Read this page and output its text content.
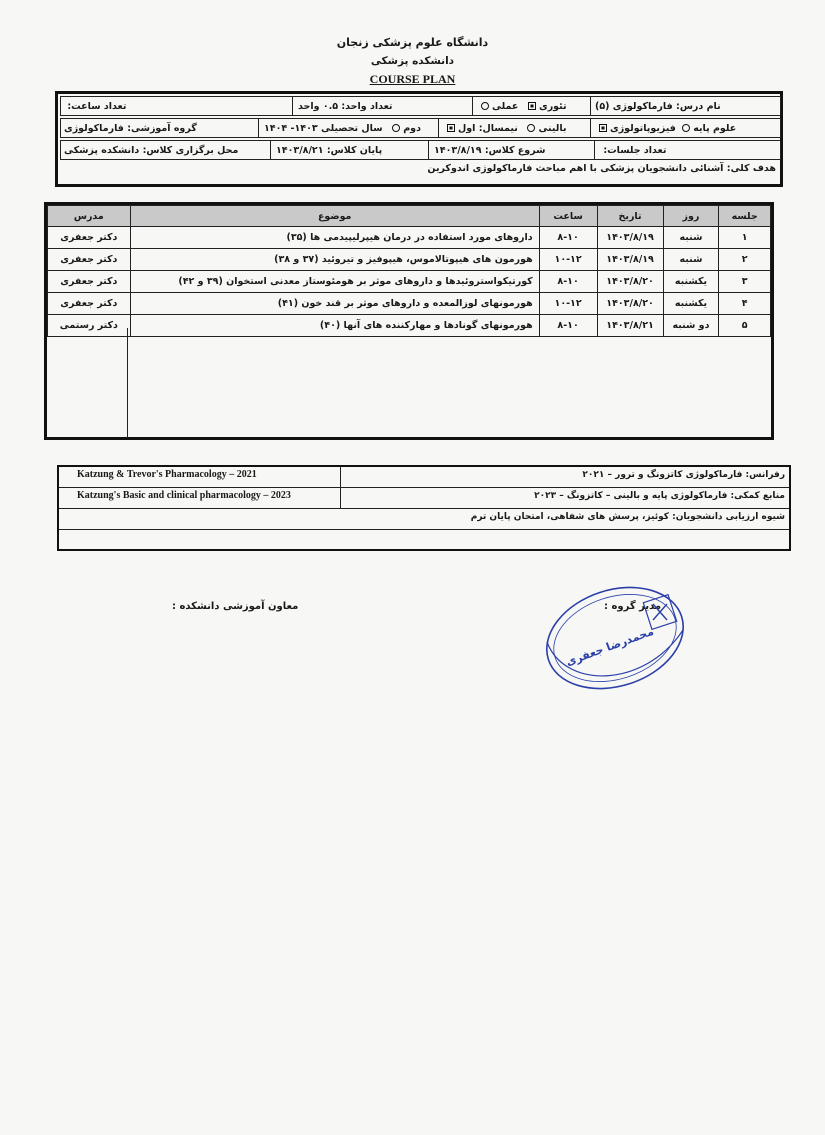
دانشگاه علوم پزشکی زنجان
دانشکده پزشکی
COURSE PLAN
نام درس:

فارماکولوژی (۵)
تئوری

عملی
تعداد واحد:

۰.۵ واحد
تعداد ساعت:

علوم پایه

فیزیوپاتولوژی
بالینی

نیمسال: اول
دوم

سال تحصیلی

۱۴۰۳- ۱۴۰۴
گروه آموزشی:

فارماکولوژی
تعداد جلسات:

شروع کلاس:

۱۴۰۳/۸/۱۹
پایان کلاس:

۱۴۰۳/۸/۲۱
محل برگزاری کلاس:

دانشکده پزشکی
هدف کلی: آشنائی دانشجویان پزشکی با اهم مباحث فارماکولوژی اندوکرین
جلسه	روز	تاریخ	ساعت	موضوع	مدرس
۱	شنبه	۱۴۰۳/۸/۱۹	۸-۱۰	داروهای مورد استفاده در درمان هیپرلیپیدمی ها (۳۵)	دکتر جعفری
۲	شنبه	۱۴۰۳/۸/۱۹	۱۰-۱۲	هورمون های هیپوتالاموس، هیپوفیز و تیروئید (۳۷ و ۳۸)	دکتر جعفری
۳	یکشنبه	۱۴۰۳/۸/۲۰	۸-۱۰	کورتیکواستروئیدها و داروهای موثر بر هومئوستاز معدنی استخوان (۳۹ و ۴۲)	دکتر جعفری
۴	یکشنبه	۱۴۰۳/۸/۲۰	۱۰-۱۲	هورمونهای لوزالمعده و داروهای موثر بر قند خون (۴۱)	دکتر جعفری
۵	دو شنبه	۱۴۰۳/۸/۲۱	۸-۱۰	هورمونهای گونادها و مهارکننده های آنها (۴۰)	دکتر رستمی
رفرانس: فارماکولوژی کاتزونگ و ترور – ۲۰۲۱
Katzung & Trevor's Pharmacology – 2021
منابع کمکی: فارماکولوژی پایه و بالینی – کاتزونگ – ۲۰۲۳
Katzung's Basic and clinical pharmacology – 2023
شیوه ارزیابی دانشجویان: کوئیز، پرسش های شفاهی، امتحان پایان ترم
معاون آموزشی دانشکده :	مدیر گروه :
محمدرضا جعفری
